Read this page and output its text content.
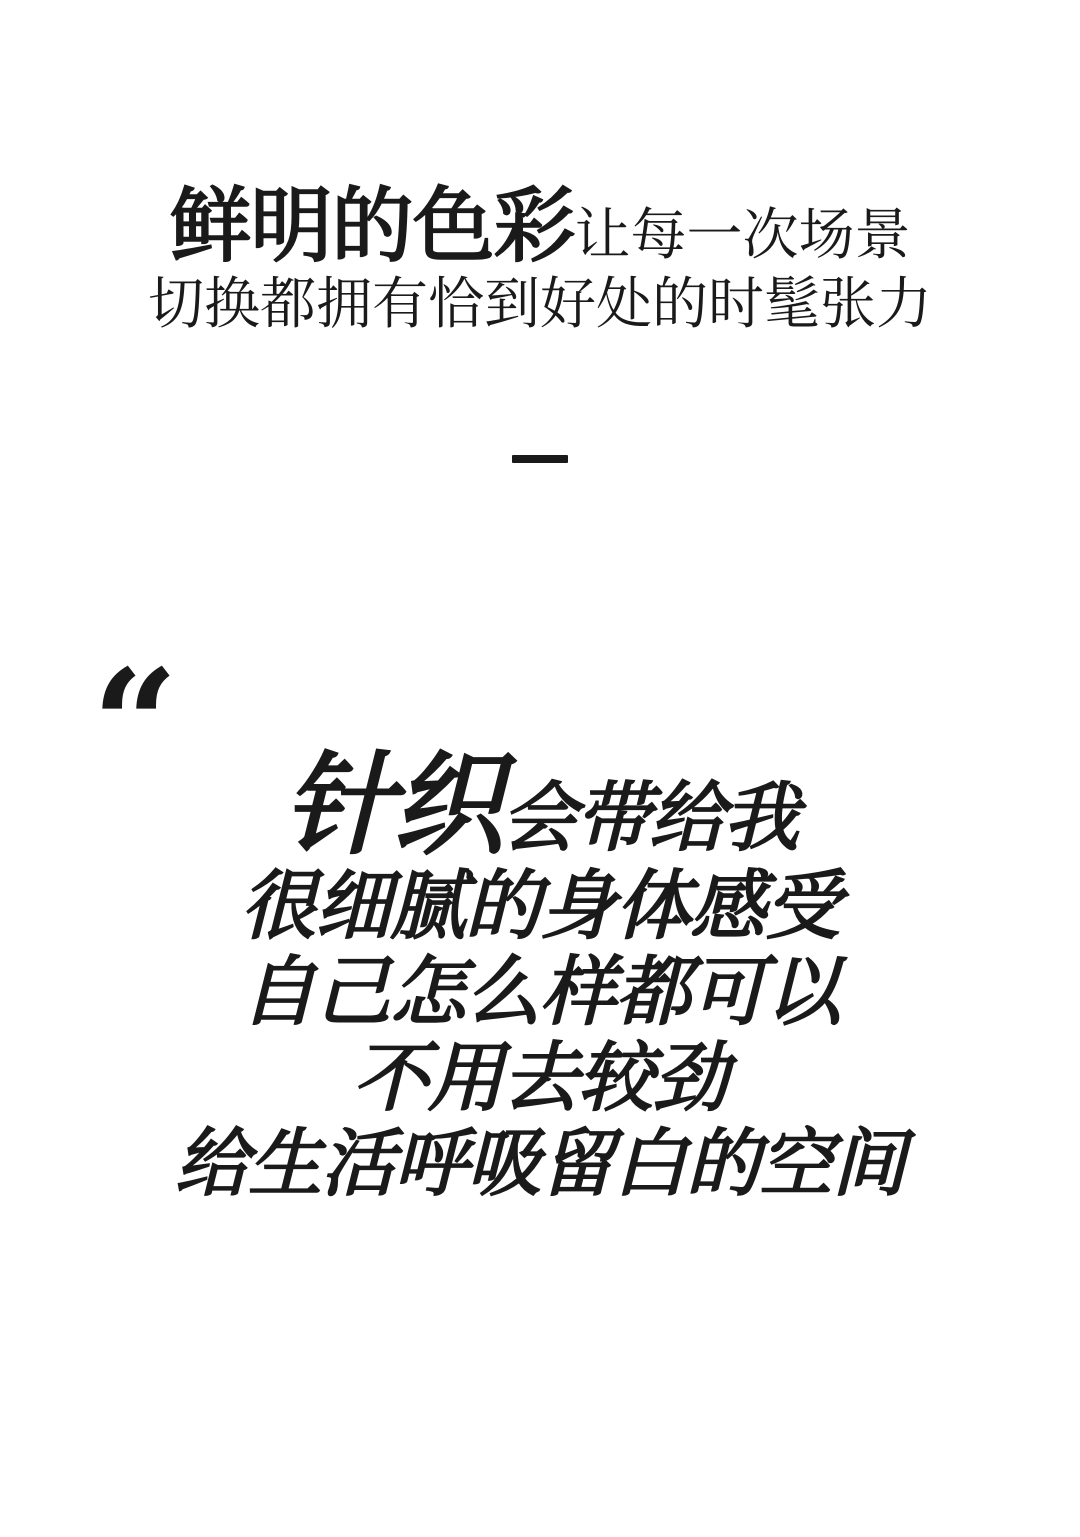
鲜明的色彩让每一次场景
切换都拥有恰到好处的时髦张力
“ 针织会带给我
很细腻的身体感受
自己怎么样都可以
不用去较劲
给生活呼吸留白的空间
